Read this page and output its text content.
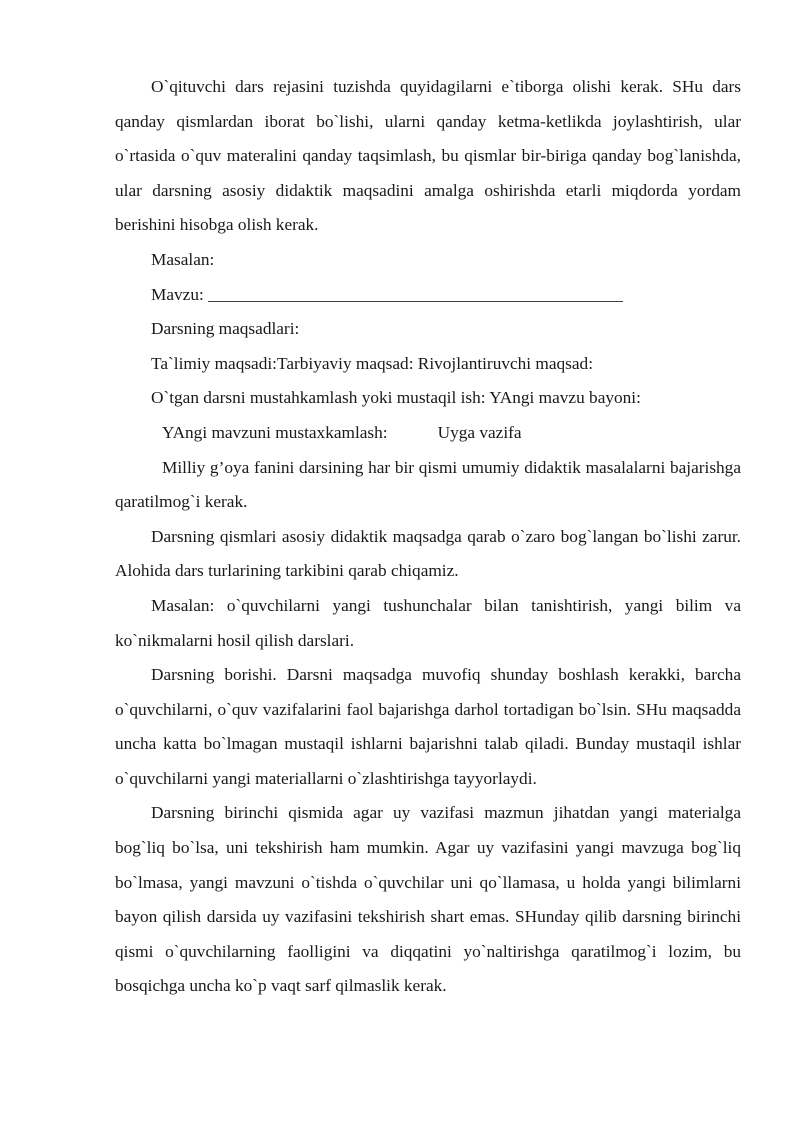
O`qituvchi dars rejasini tuzishda quyidagilarni e`tiborga olishi kerak. SHu dars qanday qismlardan iborat bo`lishi, ularni qanday ketma-ketlikda joylashtirish, ular o`rtasida o`quv materalini qanday taqsimlash, bu qismlar bir-biriga qanday bog`lanishda, ular darsning asosiy didaktik maqsadini amalga oshirishda etarli miqdorda yordam berishini hisobga olish kerak.

Masalan:

Mavzu: ________________________________________________

Darsning maqsadlari:

Ta`limiy maqsadi:Tarbiyaviy maqsad: Rivojlantiruvchi maqsad:

O`tgan darsni mustahkamlash yoki mustaqil ish: YAngi mavzu bayoni:

YAngi mavzuni mustaxkamlash:	Uyga vazifa

Milliy g’oya fanini darsining har bir qismi umumiy didaktik masalalarni bajarishga qaratilmog`i kerak.

Darsning qismlari asosiy didaktik maqsadga qarab o`zaro bog`langan bo`lishi zarur. Alohida dars turlarining tarkibini qarab chiqamiz.

Masalan: o`quvchilarni yangi tushunchalar bilan tanishtirish, yangi bilim va ko`nikmalarni hosil qilish darslari.

Darsning borishi. Darsni maqsadga muvofiq shunday boshlash kerakki, barcha o`quvchilarni, o`quv vazifalarini faol bajarishga darhol tortadigan bo`lsin. SHu maqsadda uncha katta bo`lmagan mustaqil ishlarni bajarishni talab qiladi. Bunday mustaqil ishlar o`quvchilarni yangi materiallarni o`zlashtirishga tayyorlaydi.

Darsning birinchi qismida agar uy vazifasi mazmun jihatdan yangi materialga bog`liq bo`lsa, uni tekshirish ham mumkin. Agar uy vazifasini yangi mavzuga bog`liq bo`lmasa, yangi mavzuni o`tishda o`quvchilar uni qo`llamasa, u holda yangi bilimlarni bayon qilish darsida uy vazifasini tekshirish shart emas. SHunday qilib darsning birinchi qismi o`quvchilarning faolligini va diqqatini yo`naltirishga qaratilmog`i lozim, bu bosqichga uncha ko`p vaqt sarf qilmaslik kerak.
